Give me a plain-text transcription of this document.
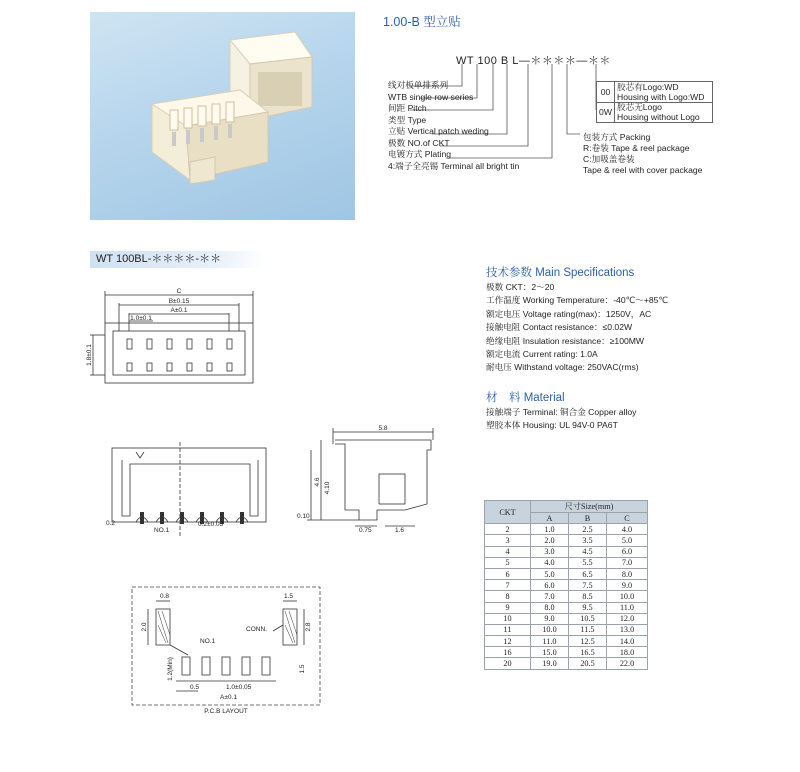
1.00-B 型立贴
WT 100 B L—＊＊＊＊—＊＊
线对板单排系列
WTB single row series
间距 Pitch
类型 Type
立贴 Vertical patch weding
极数 NO.of CKT
电镀方式 Plating
4:端子全亮锡 Terminal all bright tin
00 胶芯有Logo:WD
Housing with Logo:WD
0W 胶芯无Logo
Housing without Logo
包装方式 Packing
R:卷装 Tape & reel package
C:加吸盖卷装
Tape & reel with cover package
WT 100BL-＊＊＊＊-＊＊
技术参数 Main Specifications
极数 CKT：2～20
工作温度 Working Temperature：-40℃～+85℃
额定电压 Voltage rating(max)：1250V，AC
接触电阻 Contact resistance：≤0.02W
绝缘电阻 Insulation resistance：≥100MW
额定电流 Current rating: 1.0A
耐电压 Withstand voltage: 250VAC(rms)
材　料 Material
接触端子 Terminal: 铜合金 Copper alloy
塑胶本体 Housing: UL 94V-0 PA6T
C
B±0.15
A±0.1
1.0±0.1
1.8±0.1
0.2
NO.1
0.2±0.03
5.8
4.6 4.10
0.10
0.75	1.6
0.8	1.5
2.0	2.8
CONN.
NO.1
1.2(Min)	1.5
0.5	1.0±0.05
A±0.1
P.C.B LAYOUT
CKT	尺寸Size(mm)		
	A	B	C
2	1.0	2.5	4.0
3	2.0	3.5	5.0
4	3.0	4.5	6.0
5	4.0	5.5	7.0
6	5.0	6.5	8.0
7	6.0	7.5	9.0
8	7.0	8.5	10.0
9	8.0	9.5	11.0
10	9.0	10.5	12.0
11	10.0	11.5	13.0
12	11.0	12.5	14.0
16	15.0	16.5	18.0
20	19.0	20.5	22.0
